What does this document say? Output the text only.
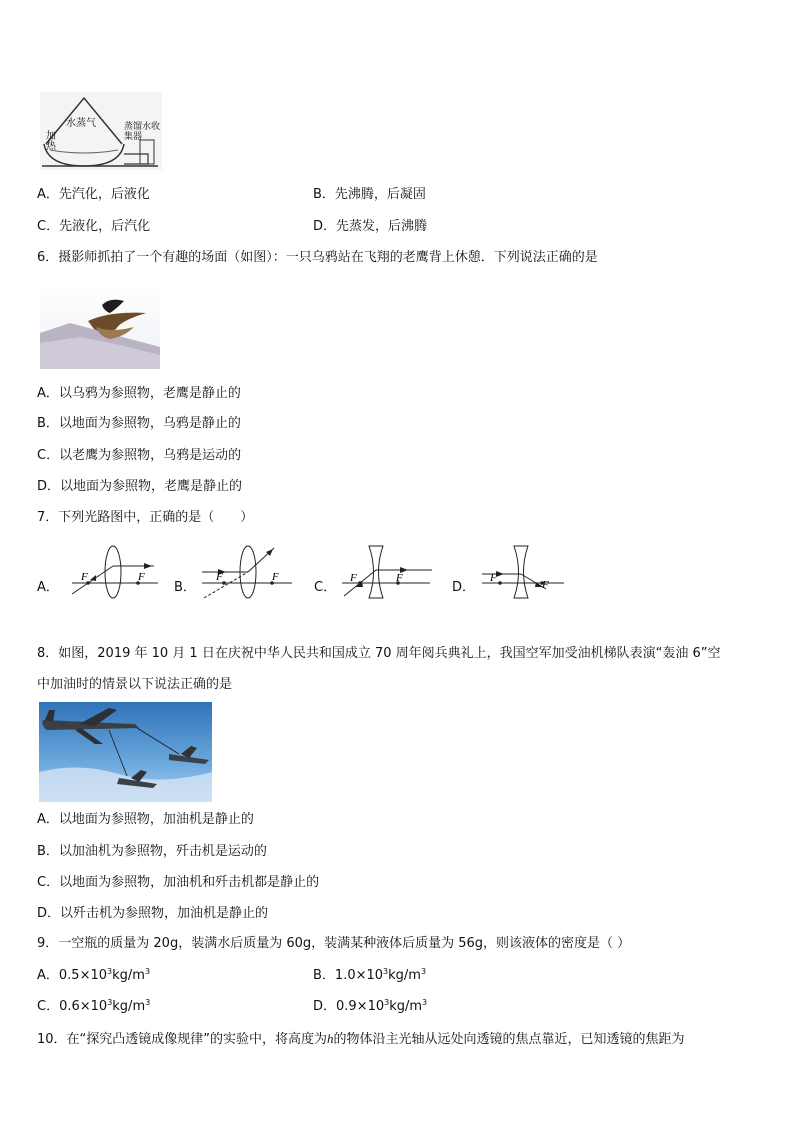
水蒸气
加热
蒸馏水收集器
A．先汽化，后液化	B．先沸腾，后凝固
C．先液化，后汽化	D．先蒸发，后沸腾
6．摄影师抓拍了一个有趣的场面（如图）：一只乌鸦站在飞翔的老鹰背上休憩．下列说法正确的是
A．以乌鸦为参照物，老鹰是静止的
B．以地面为参照物，乌鸦是静止的
C．以老鹰为参照物，乌鸦是运动的
D．以地面为参照物，老鹰是静止的
7．下列光路图中，正确的是（　　）
A．
F	F
B．
F	F
C．
F	F
D．
F
F
8．如图，2019 年 10 月 1 日在庆祝中华人民共和国成立 70 周年阅兵典礼上，我国空军加受油机梯队表演“轰油 6”空
中加油时的情景以下说法正确的是
A．以地面为参照物，加油机是静止的
B．以加油机为参照物，歼击机是运动的
C．以地面为参照物，加油机和歼击机都是静止的
D．以歼击机为参照物，加油机是静止的
9．一空瓶的质量为 20g，装满水后质量为 60g，装满某种液体后质量为 56g，则该液体的密度是（ ）
A．$0.5\times 10^3kg/m^3$	B．$1.0\times 10^3kg/m^3$
C．$0.6\times 10^3kg/m^3$	D．$0.9\times 10^3kg/m^3$
10．在“探究凸透镜成像规律”的实验中，将高度为h的物体沿主光轴从远处向透镜的焦点靠近，已知透镜的焦距为
